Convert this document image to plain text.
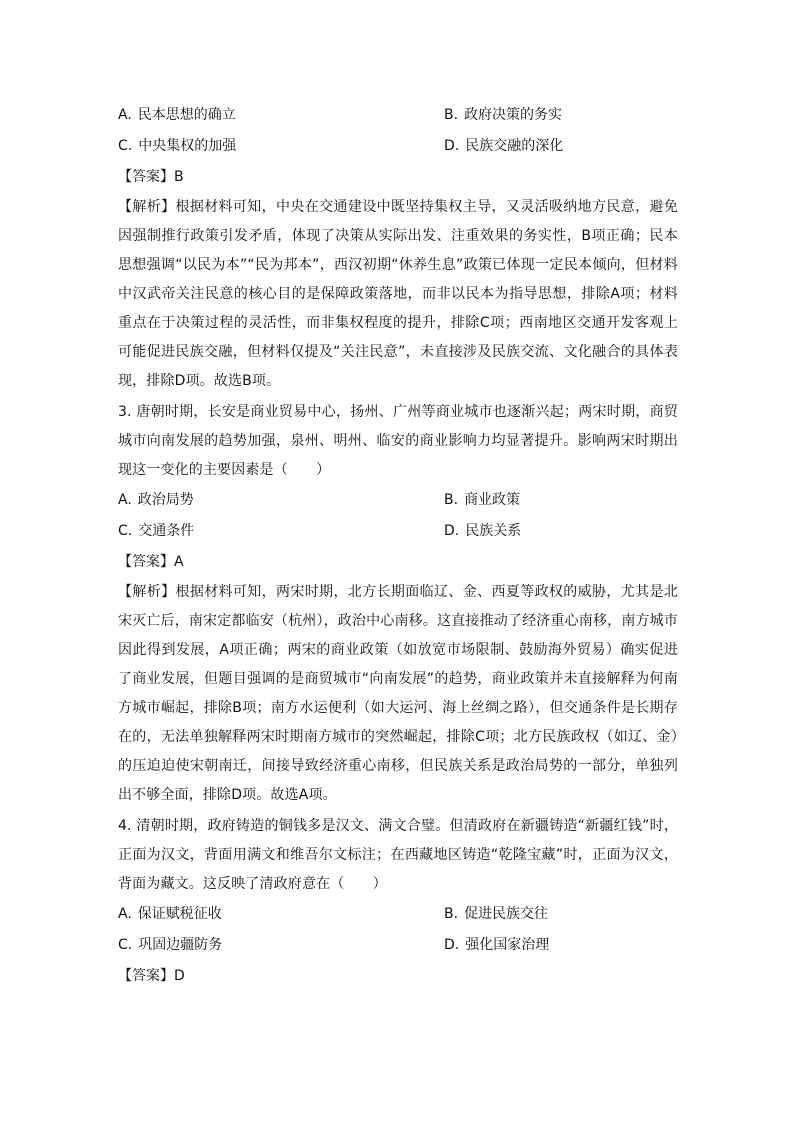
A. 民本思想的确立	B. 政府决策的务实
C. 中央集权的加强	D. 民族交融的深化
【答案】 B

【解析】根据材料可知，中央在交通建设中既坚持集权主导，又灵活吸纳地方民意，避免因强制推行政策引发矛盾，体现了决策从实际出发、注重效果的务实性，B项正确；民本思想强调“以民为本”“民为邦本”，西汉初期“休养生息”政策已体现一定民本倾向，但材料中汉武帝关注民意的核心目的是保障政策落地，而非以民本为指导思想，排除A项；材料重点在于决策过程的灵活性，而非集权程度的提升，排除C项；西南地区交通开发客观上可能促进民族交融，但材料仅提及“关注民意”，未直接涉及民族交流、文化融合的具体表现，排除D项。故选B项。

3. 唐朝时期，长安是商业贸易中心，扬州、广州等商业城市也逐渐兴起；两宋时期，商贸城市向南发展的趋势加强，泉州、明州、临安的商业影响力均显著提升。影响两宋时期出现这一变化的主要因素是（　　）

A. 政治局势	B. 商业政策
C. 交通条件	D. 民族关系
【答案】 A

【解析】根据材料可知，两宋时期，北方长期面临辽、金、西夏等政权的威胁，尤其是北宋灭亡后，南宋定都临安（杭州），政治中心南移。这直接推动了经济重心南移，南方城市因此得到发展，A项正确；两宋的商业政策（如放宽市场限制、鼓励海外贸易）确实促进了商业发展，但题目强调的是商贸城市“向南发展”的趋势，商业政策并未直接解释为何南方城市崛起，排除B项；南方水运便利（如大运河、海上丝绸之路），但交通条件是长期存在的，无法单独解释两宋时期南方城市的突然崛起，排除C项；北方民族政权（如辽、金）的压迫迫使宋朝南迁，间接导致经济重心南移，但民族关系是政治局势的一部分，单独列出不够全面，排除D项。故选A项。

4. 清朝时期，政府铸造的铜钱多是汉文、满文合璧。但清政府在新疆铸造“新疆红钱”时，正面为汉文，背面用满文和维吾尔文标注；在西藏地区铸造“乾隆宝藏”时，正面为汉文，背面为藏文。这反映了清政府意在（　　）

A. 保证赋税征收	B. 促进民族交往
C. 巩固边疆防务	D. 强化国家治理
【答案】 D
